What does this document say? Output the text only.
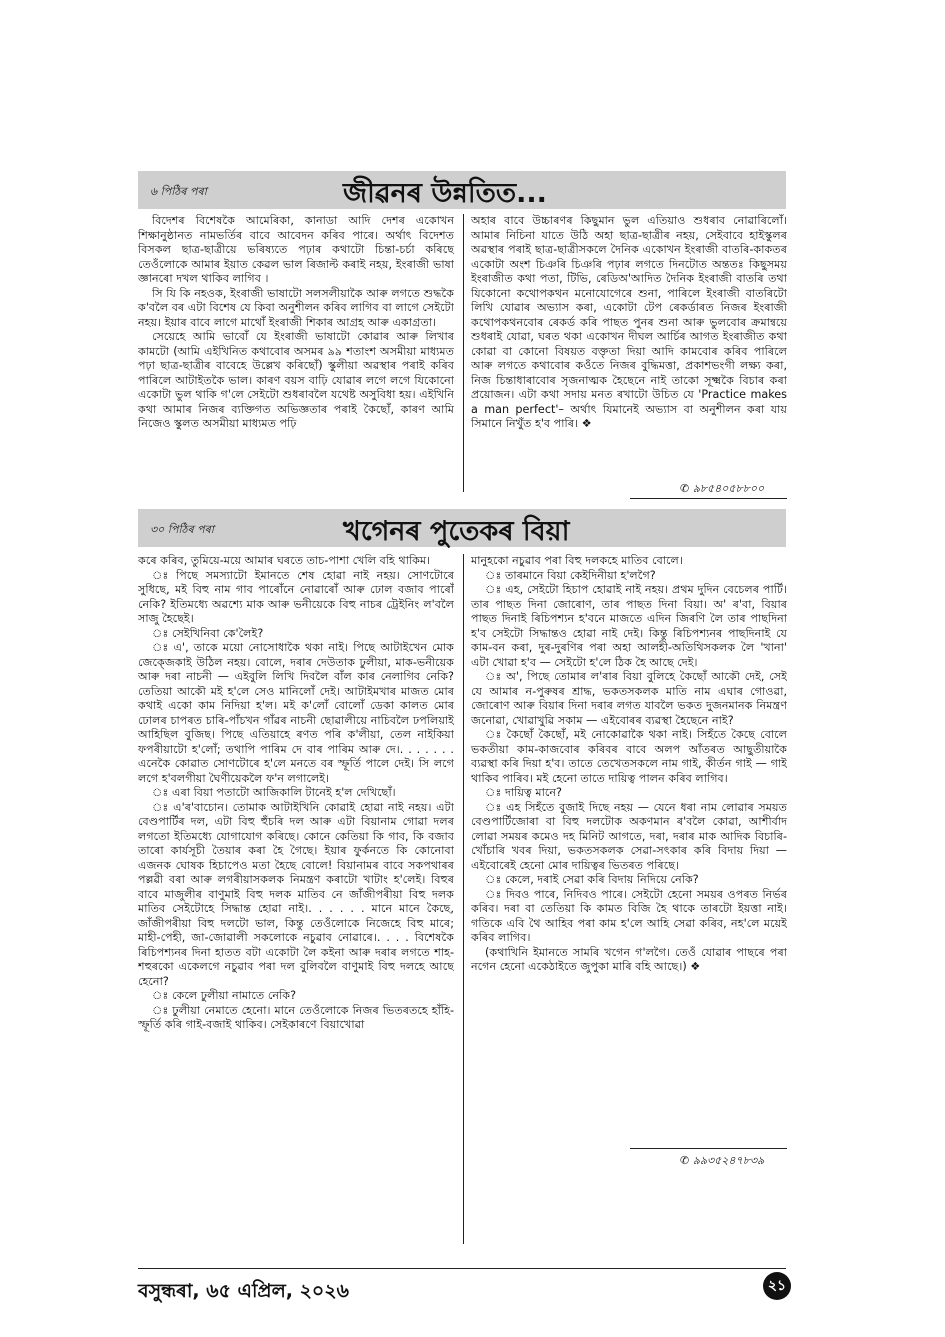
৬ পিঠিৰ পৰা	জীৱনৰ উন্নতিত...

বিদেশৰ বিশেষকৈ আমেৰিকা, কানাডা আদি দেশৰ একোখন শিক্ষানুষ্ঠানত নামভৰ্তিৰ বাবে আবেদন কৰিব পাৰে। অৰ্থাৎ বিদেশত বিসকল ছাত্ৰ-ছাত্ৰীয়ে ভৰিষ্যতে পঢ়াৰ কথাটো চিন্তা-চৰ্চা কৰিছে তেওঁলোকে আমাৰ ইয়াত কেৱল ভাল ৰিজাল্ট কৰাই নহয়, ইংৰাজী ভাষা জ্ঞানৰো দখল থাকিব লাগিব ।

সি যি কি নহওক, ইংৰাজী ভাষাটো সলসলীয়াকৈ আৰু লগতে শুদ্ধকৈ ক'বলৈ বৰ এটা বিশেষ যে কিবা অনুশীলন কৰিব লাগিব বা লাগে সেইটো নহয়। ইয়াৰ বাবে লাগে মাথোঁ ইংৰাজী শিকাৰ আগ্ৰহ আৰু একাগ্ৰতা।

সেয়েহে আমি ভাবোঁ যে ইংৰাজী ভাষাটো কোৱাৰ আৰু লিখাৰ কামটো (আমি এইখিনিত কথাবোৰ অসমৰ ৯৯ শতাংশ অসমীয়া মাধ্যমত পঢ়া ছাত্ৰ-ছাত্ৰীৰ বাবেহে উল্লেখ কৰিছোঁ) স্কুলীয়া অৱস্থাৰ পৰাই কৰিব পাৰিলে আটাইতকৈ ভাল। কাৰণ বয়স বাঢ়ি যোৱাৰ লগে লগে যিকোনো একোটা ভুল থাকি গ'লে সেইটো শুধৰাবলৈ যথেষ্ট অসুবিধা হয়। এইখিনি কথা আমাৰ নিজৰ ব্যক্তিগত অভিজ্ঞতাৰ পৰাই কৈছোঁ, কাৰণ আমি নিজেও স্কুলত অসমীয়া মাধ্যমত পঢ়ি

অহাৰ বাবে উচ্চাৰণৰ কিছুমান ভুল এতিয়াও শুধৰাব নোৱাৰিলোঁ। আমাৰ নিচিনা যাতে উঠি অহা ছাত্ৰ-ছাত্ৰীৰ নহয়, সেইবাবে হাইস্কুলৰ অৱস্থাৰ পৰাই ছাত্ৰ-ছাত্ৰীসকলে দৈনিক একোখন ইংৰাজী বাতৰি-কাকতৰ একোটা অংশ চিঞৰি চিঞৰি পঢ়াৰ লগতে দিনটোত অন্ততঃ কিছুসময় ইংৰাজীত কথা পতা, টিভি, ৰেডিঅ'আদিত দৈনিক ইংৰাজী বাতৰি তথা যিকোনো কথোপকথন মনোযোগেৰে শুনা, পাৰিলে ইংৰাজী বাতৰিটো লিখি যোৱাৰ অভ্যাস কৰা, একোটা টেপ ৰেকৰ্ডাৰত নিজৰ ইংৰাজী কথোপকথনবোৰ ৰেকৰ্ড কৰি পাছত পুনৰ শুনা আৰু ভুলবোৰ ক্ৰমান্বয়ে শুধৰাই যোৱা, ঘৰত থকা একোখন দীঘল আৰ্চিৰ আগত ইংৰাজীত কথা কোৱা বা কোনো বিষয়ত বক্তৃতা দিয়া আদি কামবোৰ কৰিব পাৰিলে আৰু লগতে কথাবোৰ কওঁতে নিজৰ বুদ্ধিমত্তা, প্ৰকাশভংগী লক্ষ্য কৰা, নিজ চিন্তাধাৰাবোৰ সৃজনাত্মক হৈছেনে নাই তাকো সূক্ষ্মকৈ বিচাৰ কৰা প্ৰয়োজন। এটা কথা সদায় মনত ৰখাটো উচিত যে 'Practice makes a man perfect'– অৰ্থাৎ যিমানেই অভ্যাস বা অনুশীলন কৰা যায় সিমানে নিখুঁত হ'ব পাৰি। ❖

✆ ৯৮৫৪০৫৮৮০০
৩০ পিঠিৰ পৰা	খগেনৰ পুতেকৰ বিয়া

কৰে কৰিব, তুমিয়ে-ময়ে আমাৰ ঘৰতে তাচ-পাশা খেলি বহি থাকিম।

ঃ পিছে সমস্যাটো ইমানতে শেষ হোৱা নাই নহয়। সোণটোৰে সুধিছে, মই বিহু নাম গাব পাৰোঁনে নোৱাৰোঁ আৰু ঢোল বজাব পাৰোঁ নেকি? ইতিমধ্যে অৱশ্যে মাক আৰু ভনীয়েকে বিহু নাচৰ ট্ৰেইনিং ল'বলৈ সাজু হৈছেই।

ঃ সেইখিনিবা কে'লৈই?

ঃ এ', তাকে ময়ো নোসোধাকৈ থকা নাই। পিছে আটাইখেন মোক জেক্জেকাই উঠিল নহয়। বোলে, দৰাৰ দেউতাক ঢুলীয়া, মাক-ভনীয়েক আৰু দৰা নাচনী — এইবুলি লিখি দিবলৈ বাঁল কাৰ নেলাগিব নেকি? তেতিয়া আকৌ মই হ'লে সেও মানিলোঁ দেই। আটাইমখাৰ মাজত মোৰ কথাই একো কাম নিদিয়া হ'ল। মই ক'লোঁ বোলোঁ ডেকা কালত মোৰ ঢোলৰ চাপৰত চাৰি-পাঁচখন গাঁৱৰ নাচনী ছোৱালীয়ে নাচিবলৈ ঢপলিয়াই আহিছিল বুজিছ। পিছে এতিয়াহে ৰণত পৰি ক'লীয়া, তেল নাইকিয়া ফপৰীয়াটো হ'লোঁ; তথাপি পাৰিম দে বাৰ পাৰিম আৰু দে।. . . . . . . এনেকৈ কোৱাত সোণটোৰে হ'লে মনতে বৰ স্ফূৰ্তি পালে দেই। সি লগে লগে হ'বলগীয়া ঘৈণীয়েকলৈ ফ'ন লগালেই।

ঃ এৰা বিয়া পতাটো আজিকালি টানেই হ'ল দেখিছোঁ।

ঃ এ'ৰ'বাচোন। তোমাক আটাইখিনি কোৱাই হোৱা নাই নহয়। এটা বেণ্ডপাৰ্টিৰ দল, এটা বিহু হুঁচৰি দল আৰু এটা বিয়ানাম গোৱা দলৰ লগতো ইতিমধ্যে যোগাযোগ কৰিছে। কোনে কেতিয়া কি গাব, কি বজাব তাৰো কাৰ্যসূচী তৈয়াৰ কৰা হৈ গৈছে। ইয়াৰ ফুৰ্কনতে কি কোনোবা এজনক ঘোষক হিচাপেও মতা হৈছে বোলে! বিয়ানামৰ বাবে সকপথাৰৰ পল্লৱী বৰা আৰু লগৰীয়াসকলক নিমন্ত্ৰণ কৰাটো খাটাং হ'লেই। বিহুৰ বাবে মাজুলীৰ বাণুমাই বিহু দলক মাতিব নে জাঁজীপৰীয়া বিহু দলক মাতিব সেইটোহে সিদ্ধান্ত হোৱা নাই।. . . . . . মানে মানে কৈছে, জাঁজীপৰীয়া বিহু দলটো ভাল, কিন্তু তেওঁলোকে নিজেহে বিহু মাৰে; মাহী-পেহী, জা-জোৱালী সকলোকে নচুৱাব নোৱাৰে।. . . . বিশেষকৈ ৰিচিপশ্যনৰ দিনা হাতত বটা একোটা লৈ কইনা আৰু দৰাৰ লগতে শাহ-শহুৰকো একেলগে নচুৱাব পৰা দল বুলিবলৈ বাণুমাই বিহু দলহে আছে হেনো?

ঃ কেলে ঢুলীয়া নামাতে নেকি?

ঃ ঢুলীয়া নেমাতে হেনো। মানে তেওঁলোকে নিজৰ ভিতৰতহে হাঁহি-স্ফূৰ্তি কৰি গাই-বজাই থাকিব। সেইকাৰণে বিয়াখোৱা

মানুহকো নচুৱাব পৰা বিহু দলকহে মাতিব বোলে।

ঃ তাৰমানে বিয়া কেইদিনীয়া হ'লগৈ?

ঃ এহ, সেইটো হিচাপ হোৱাই নাই নহয়। প্ৰথম দুদিন বেচেলৰ পাৰ্টি। তাৰ পাছত দিনা জোৰোণ, তাৰ পাছত দিনা বিয়া। অ' ৰ'বা, বিয়াৰ পাছত দিনাই ৰিচিপশ্যন হ'বনে মাজতে এদিন জিৰণি লৈ তাৰ পাছদিনা হ'ব সেইটো সিদ্ধান্তও হোৱা নাই দেই। কিন্তু ৰিচিপশ্যনৰ পাছদিনাই যে কাম-বন কৰা, দুৰ-দুৰণিৰ পৰা অহা আলহী-অতিথিসকলক লৈ 'খানা' এটা খোৱা হ'ব — সেইটো হ'লে ঠিক হৈ আছে দেই।

ঃ অ', পিছে তোমাৰ ল'ৰাৰ বিয়া বুলিহে কৈছোঁ আকৌ দেই, সেই যে আমাৰ ন-পুৰুষৰ শ্ৰাদ্ধ, ভকতসকলক মাতি নাম এঘাৰ গোওৱা, জোৰোণ আৰু বিয়াৰ দিনা দৰাৰ লগত যাবলৈ ভকত দুজনমানক নিমন্ত্ৰণ জনোৱা, খোৱাখুৱি সকাম — এইবোৰৰ ব্যৱস্থা হৈছেনে নাই?

ঃ কৈছোঁ কৈছোঁ, মই নোকোৱাকৈ থকা নাই। সিহঁতে কৈছে বোলে ভকতীয়া কাম-কাজবোৰ কৰিবৰ বাবে অলপ আঁতৰত আছুতীয়াকৈ ব্যৱস্থা কৰি দিয়া হ'ব। তাতে তেখেতসকলে নাম গাই, কীৰ্তন গাই — গাই থাকিব পাৰিব। মই হেনো তাতে দায়িত্ব পালন কৰিব লাগিব।

ঃ দায়িত্ব মানে?

ঃ এহ সিহঁতে বুজাই দিছে নহয় — যেনে ধৰা নাম লোৱাৰ সময়ত বেণ্ডপাৰ্টিজোৰা বা বিহু দলটোক অকণমান ৰ'বলৈ কোৱা, আশীৰ্বাদ লোৱা সময়ৰ কমেও দহ মিনিট আগতে, দৰা, দৰাৰ মাক আদিক বিচাৰি-খোঁচাৰি খবৰ দিয়া, ভকতসকলক সেৱা-সৎকাৰ কৰি বিদায় দিয়া — এইবোৰেই হেনো মোৰ দায়িত্বৰ ভিতৰত পৰিছে।

ঃ কেলে, দৰাই সেৱা কৰি বিদায় নিদিয়ে নেকি?

ঃ দিবও পাৰে, নিদিবও পাৰে। সেইটো হেনো সময়ৰ ওপৰত নিৰ্ভৰ কৰিব। দৰা বা তেতিয়া কি কামত বিজি হৈ থাকে তাৰটো ইয়ত্তা নাই। গতিকে এবি থৈ আহিব পৰা কাম হ'লে আহি সেৱা কৰিব, নহ'লে ময়েই কৰিব লাগিব।

(কথাখিনি ইমানতে সামৰি খগেন গ'লগৈ। তেওঁ যোৱাৰ পাছৰে পৰা নগেন হেনো একেঠাইতে জুপুকা মাৰি বহি আছে।) ❖

✆ ৯৯৩৫২৪৭৮৩৯
বসুন্ধৰা, ৬৫ এপ্ৰিল, ২০২৬	২১
